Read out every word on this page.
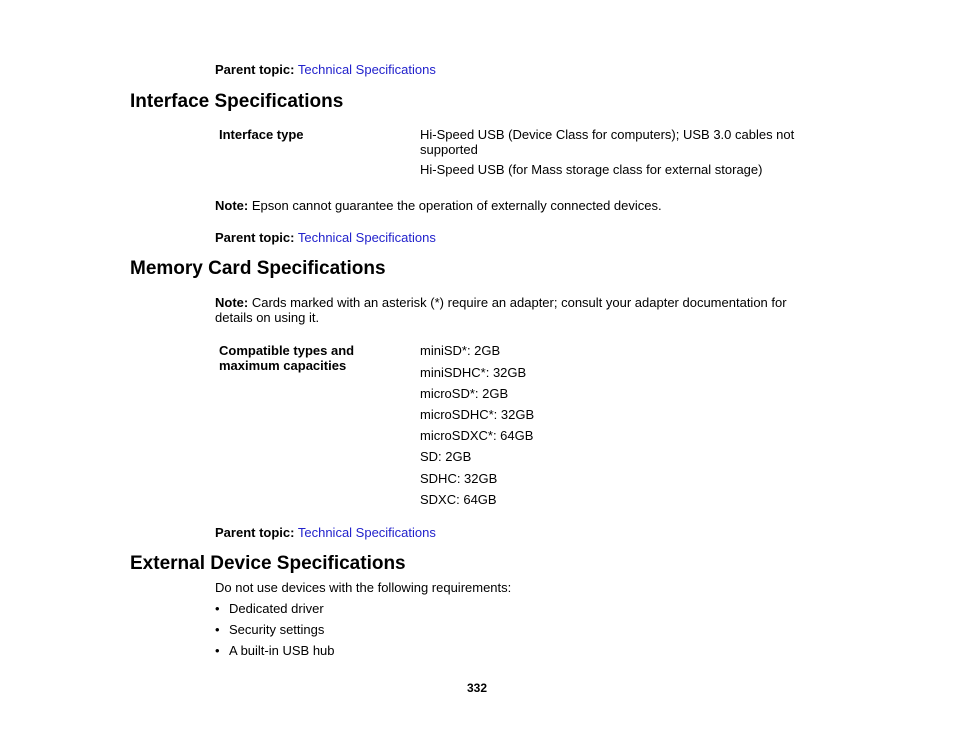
Parent topic: Technical Specifications
Interface Specifications
Interface type	Hi-Speed USB (Device Class for computers); USB 3.0 cables not supported
Hi-Speed USB (for Mass storage class for external storage)
Note: Epson cannot guarantee the operation of externally connected devices.
Parent topic: Technical Specifications
Memory Card Specifications
Note: Cards marked with an asterisk (*) require an adapter; consult your adapter documentation for details on using it.
Compatible types and
maximum capacities
miniSD*: 2GB
miniSDHC*: 32GB
microSD*: 2GB
microSDHC*: 32GB
microSDXC*: 64GB
SD: 2GB
SDHC: 32GB
SDXC: 64GB
Parent topic: Technical Specifications
External Device Specifications
Do not use devices with the following requirements:
• Dedicated driver
• Security settings
• A built-in USB hub
332
